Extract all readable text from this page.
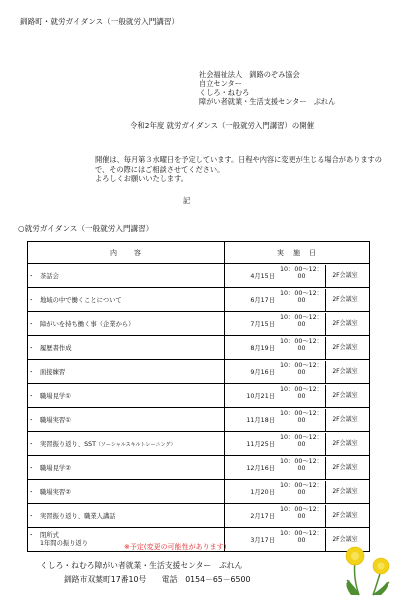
釧路町・就労ガイダンス（一般就労入門講習）
社会福祉法人　釧路のぞみ協会
自立センター
くしろ・ねむろ
障がい者就業・生活支援センター　ぷれん
令和2年度 就労ガイダンス（一般就労入門講習）の開催
開催は、毎月第３水曜日を予定しています。日程や内容に変更が生じる場合がありますので、その際にはご相談させてください。
よろしくお願いいたします。
記
○就労ガイダンス（一般就労入門講習）
内　　容	実　施　日
・ 茶話会	4月15日10：00～12：00 2F会議室
・ 地域の中で働くことについて	6月17日10：00～12：00 2F会議室
・ 障がいを持ち働く事（企業から）	7月15日10：00～12：00 2F会議室
・ 履歴書作成	8月19日10：00～12：00 2F会議室
・ 面接練習	9月16日10：00～12：00 2F会議室
・ 職場見学①	10月21日10：00～12：00 2F会議室
・ 職場実習①	11月18日10：00～12：00 2F会議室
・ 実習振り返り、SST（ソーシャルスキルトレーニング）	11月25日10：00～12：00 2F会議室
・ 職場見学②	12月16日10：00～12：00 2F会議室
・ 職場実習②	1月20日10：00～12：00 2F会議室
・ 実習振り返り、職業人講話	2月17日10：00～12：00 2F会議室

・ 閉所式
1年間の振り返り	3月17日10：00～12：00 2F会議室
※予定(変更の可能性があります)
くしろ・ねむろ障がい者就業・生活支援センター　ぷれん
釧路市双葉町17番10号　　電話　0154－65－6500
